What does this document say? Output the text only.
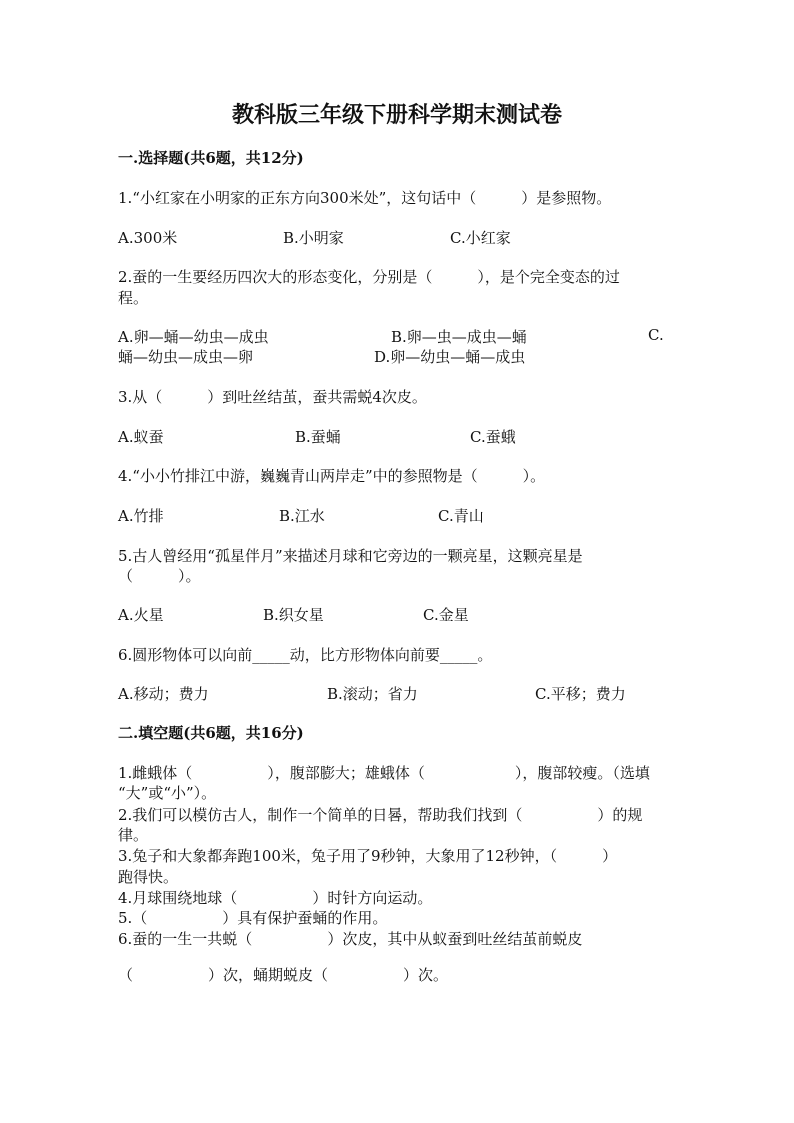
教科版三年级下册科学期末测试卷
一.选择题(共6题，共12分)
1.“小红家在小明家的正东方向300米处”，这句话中（　　　）是参照物。
A.300米	B.小明家	C.小红家
2.蚕的一生要经历四次大的形态变化，分别是（　　　），是个完全变态的过
程。
A.卵—蛹—幼虫—成虫	B.卵—虫—成虫—蛹	C.
蛹—幼虫—成虫—卵	D.卵—幼虫—蛹—成虫
3.从（　　　）到吐丝结茧，蚕共需蜕4次皮。
A.蚁蚕	B.蚕蛹	C.蚕蛾
4.“小小竹排江中游，巍巍青山两岸走”中的参照物是（　　　）。
A.竹排	B.江水	C.青山
5.古人曾经用“孤星伴月”来描述月球和它旁边的一颗亮星，这颗亮星是
（　　　）。
A.火星	B.织女星	C.金星
6.圆形物体可以向前_____动，比方形物体向前要_____。
A.移动；费力	B.滚动；省力	C.平移；费力
二.填空题(共6题，共16分)
1.雌蛾体（　　　　　），腹部膨大；雄蛾体（　　　　　　），腹部较瘦。（选填
“大”或“小”）。
2.我们可以模仿古人，制作一个简单的日晷，帮助我们找到（　　　　　）的规
律。
3.兔子和大象都奔跑100米，兔子用了9秒钟，大象用了12秒钟，（　　　）
跑得快。
4.月球围绕地球（　　　　　）时针方向运动。
5.（　　　　　）具有保护蚕蛹的作用。
6.蚕的一生一共蜕（　　　　　）次皮，其中从蚁蚕到吐丝结茧前蜕皮
（　　　　　）次，蛹期蜕皮（　　　　　）次。
